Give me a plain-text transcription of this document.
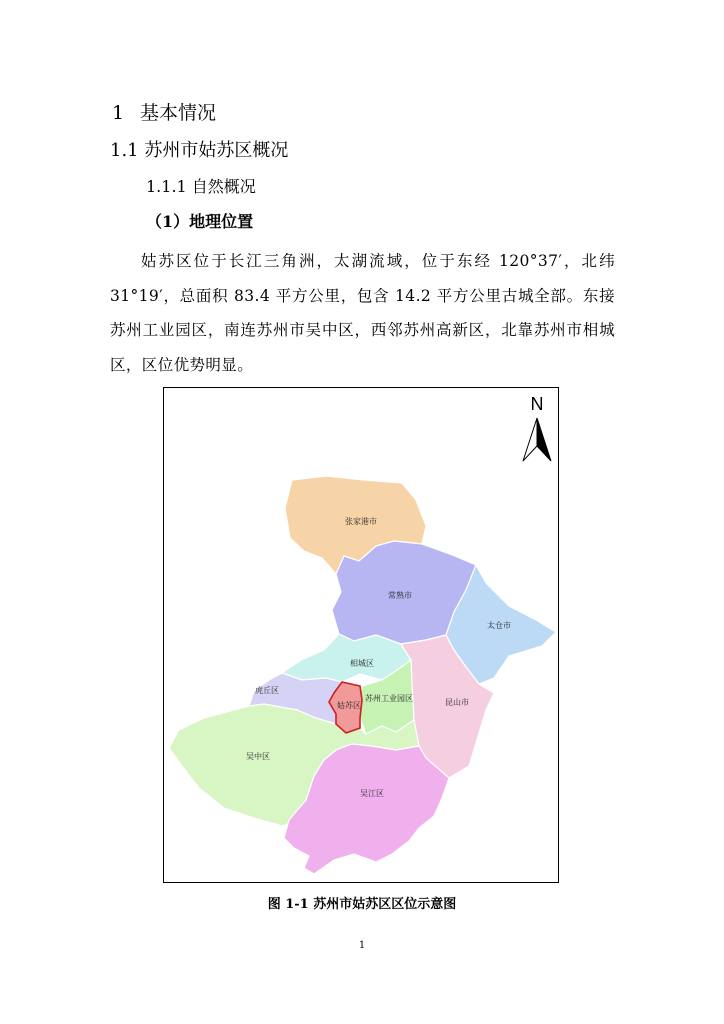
1 基本情况
1.1 苏州市姑苏区概况
1.1.1 自然概况
（1）地理位置
姑苏区位于长江三角洲，太湖流域，位于东经 120°37′，北纬 31°19′，总面积 83.4 平方公里，包含 14.2 平方公里古城全部。东接苏州工业园区，南连苏州市吴中区，西邻苏州高新区，北靠苏州市相城区，区位优势明显。
N
张家港市
常熟市
太仓市
相城区
虎丘区
苏州工业园区	昆山市
姑苏区
吴中区
吴江区
图 1-1 苏州市姑苏区区位示意图
1
